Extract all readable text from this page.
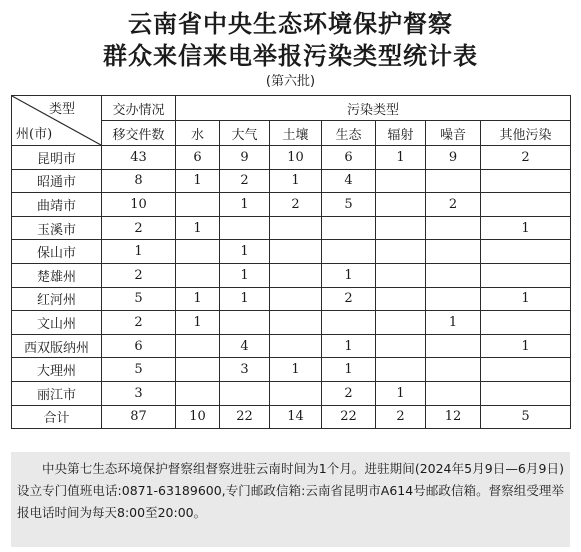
云南省中央生态环境保护督察
群众来信来电举报污染类型统计表
(第六批)
类型
州(市)	交办情况	污染类型						
	移交件数	水	大气	土壤	生态	辐射	噪音	其他污染
昆明市	43	6	9	10	6	1	9	2
昭通市	8	1	2	1	4			
曲靖市	10		1	2	5		2	
玉溪市	2	1						1
保山市	1		1					
楚雄州	2		1		1			
红河州	5	1	1		2			1
文山州	2	1					1	
西双版纳州	6		4		1			1
大理州	5		3	1	1			
丽江市	3				2	1		
合计	87	10	22	14	22	2	12	5
中央第七生态环境保护督察组督察进驻云南时间为1个月。进驻期间(2024年5月9日—6月9日)设立专门值班电话:0871-63189600,专门邮政信箱:云南省昆明市A614号邮政信箱。督察组受理举报电话时间为每天8:00至20:00。
